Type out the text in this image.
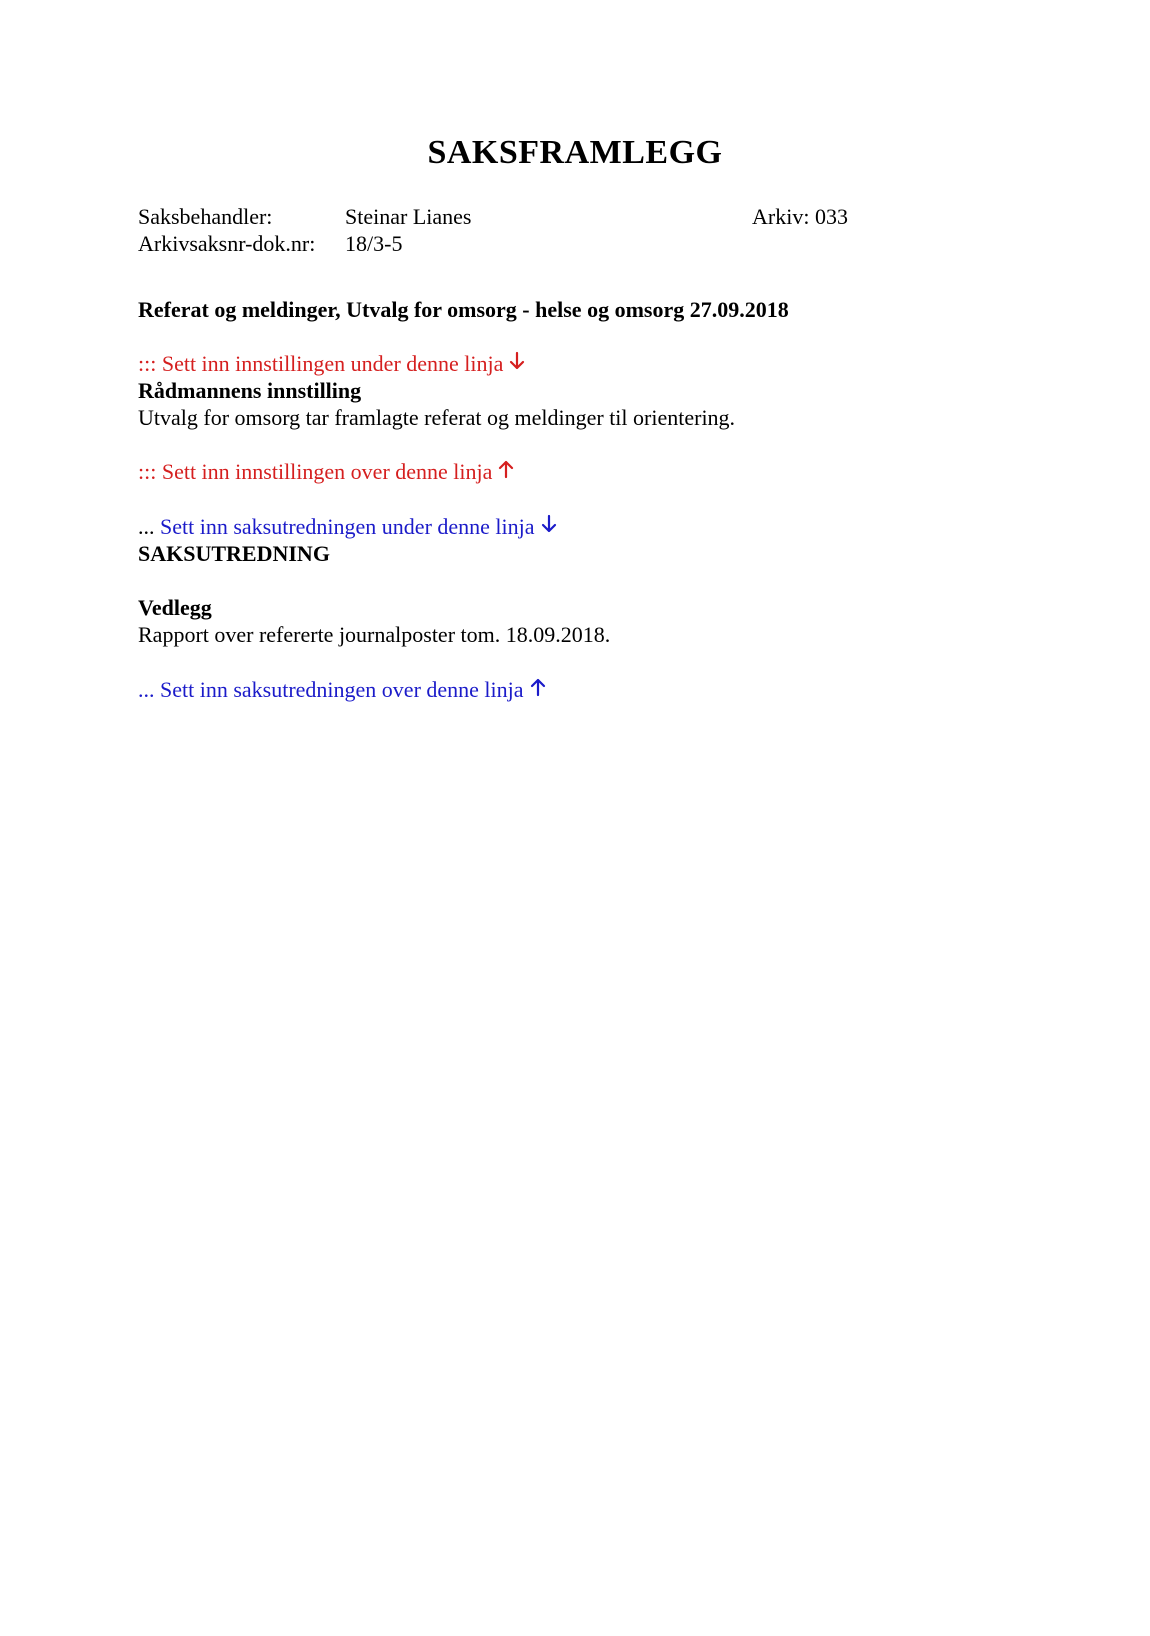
SAKSFRAMLEGG
Saksbehandler:	Steinar Lianes	Arkiv: 033
Arkivsaksnr-dok.nr: 18/3-5
Referat og meldinger, Utvalg for omsorg - helse og omsorg 27.09.2018
::: Sett inn innstillingen under denne linja
Rådmannens innstilling
Utvalg for omsorg tar framlagte referat og meldinger til orientering.
::: Sett inn innstillingen over denne linja
... Sett inn saksutredningen under denne linja
SAKSUTREDNING
Vedlegg
Rapport over refererte journalposter tom. 18.09.2018.
... Sett inn saksutredningen over denne linja
